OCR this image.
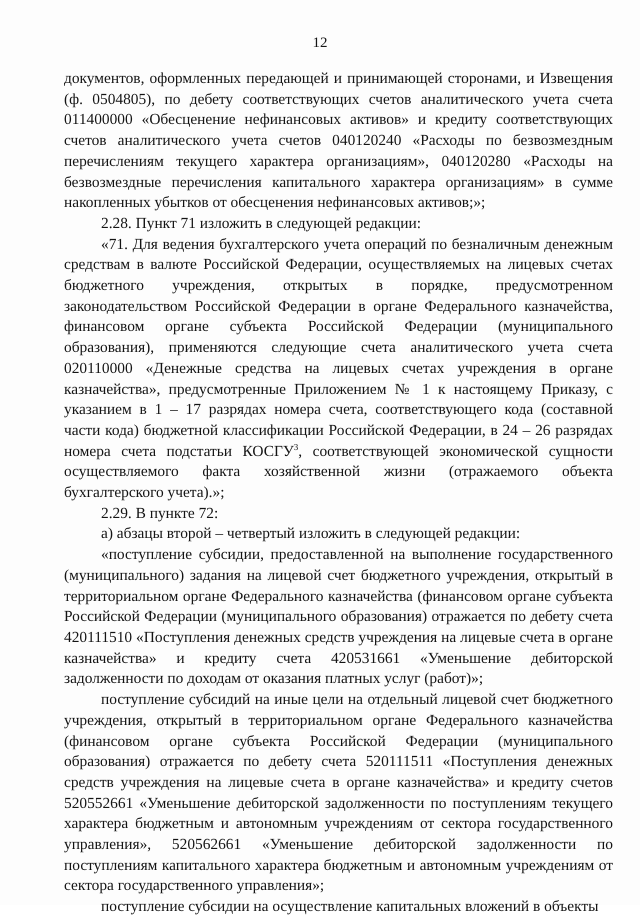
12

документов, оформленных передающей и принимающей сторонами, и Извещения (ф. 0504805), по дебету соответствующих счетов аналитического учета счета 011400000 «Обесценение нефинансовых активов» и кредиту соответствующих счетов аналитического учета счетов 040120240 «Расходы по безвозмездным перечислениям текущего характера организациям», 040120280 «Расходы на безвозмездные перечисления капитального характера организациям» в сумме накопленных убытков от обесценения нефинансовых активов;»;

2.28. Пункт 71 изложить в следующей редакции:

«71. Для ведения бухгалтерского учета операций по безналичным денежным средствам в валюте Российской Федерации, осуществляемых на лицевых счетах бюджетного учреждения, открытых в порядке, предусмотренном законодательством Российской Федерации в органе Федерального казначейства, финансовом органе субъекта Российской Федерации (муниципального образования), применяются следующие счета аналитического учета счета 020110000 «Денежные средства на лицевых счетах учреждения в органе казначейства», предусмотренные Приложением № 1 к настоящему Приказу, с указанием в 1 – 17 разрядах номера счета, соответствующего кода (составной части кода) бюджетной классификации Российской Федерации, в 24 – 26 разрядах номера счета подстатьи КОСГУ$^3$, соответствующей экономической сущности осуществляемого факта хозяйственной жизни (отражаемого объекта бухгалтерского учета).»;

2.29. В пункте 72:

а) абзацы второй – четвертый изложить в следующей редакции:

«поступление субсидии, предоставленной на выполнение государственного (муниципального) задания на лицевой счет бюджетного учреждения, открытый в территориальном органе Федерального казначейства (финансовом органе субъекта Российской Федерации (муниципального образования) отражается по дебету счета 420111510 «Поступления денежных средств учреждения на лицевые счета в органе казначейства» и кредиту счета 420531661 «Уменьшение дебиторской задолженности по доходам от оказания платных услуг (работ)»;

поступление субсидий на иные цели на отдельный лицевой счет бюджетного учреждения, открытый в территориальном органе Федерального казначейства (финансовом органе субъекта Российской Федерации (муниципального образования) отражается по дебету счета 520111511 «Поступления денежных средств учреждения на лицевые счета в органе казначейства» и кредиту счетов 520552661 «Уменьшение дебиторской задолженности по поступлениям текущего характера бюджетным и автономным учреждениям от сектора государственного управления», 520562661 «Уменьшение дебиторской задолженности по поступлениям капитального характера бюджетным и автономным учреждениям от сектора государственного управления»;

поступление субсидии на осуществление капитальных вложений в объекты
